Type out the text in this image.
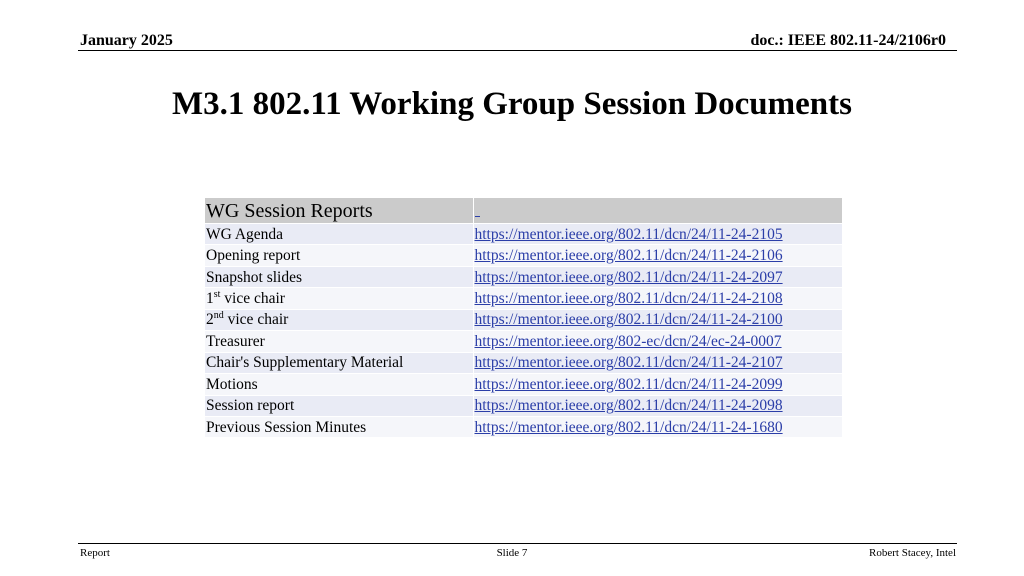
January 2025	doc.: IEEE 802.11-24/2106r0
M3.1 802.11 Working Group Session Documents
WG Session Reports	
WG Agenda	https://mentor.ieee.org/802.11/dcn/24/11-24-2105
Opening report	https://mentor.ieee.org/802.11/dcn/24/11-24-2106
Snapshot slides	https://mentor.ieee.org/802.11/dcn/24/11-24-2097
1st vice chair	https://mentor.ieee.org/802.11/dcn/24/11-24-2108
2nd vice chair	https://mentor.ieee.org/802.11/dcn/24/11-24-2100
Treasurer	https://mentor.ieee.org/802-ec/dcn/24/ec-24-0007
Chair's Supplementary Material	https://mentor.ieee.org/802.11/dcn/24/11-24-2107
Motions	https://mentor.ieee.org/802.11/dcn/24/11-24-2099
Session report	https://mentor.ieee.org/802.11/dcn/24/11-24-2098
Previous Session Minutes	https://mentor.ieee.org/802.11/dcn/24/11-24-1680
Report	Slide 7	Robert Stacey, Intel
